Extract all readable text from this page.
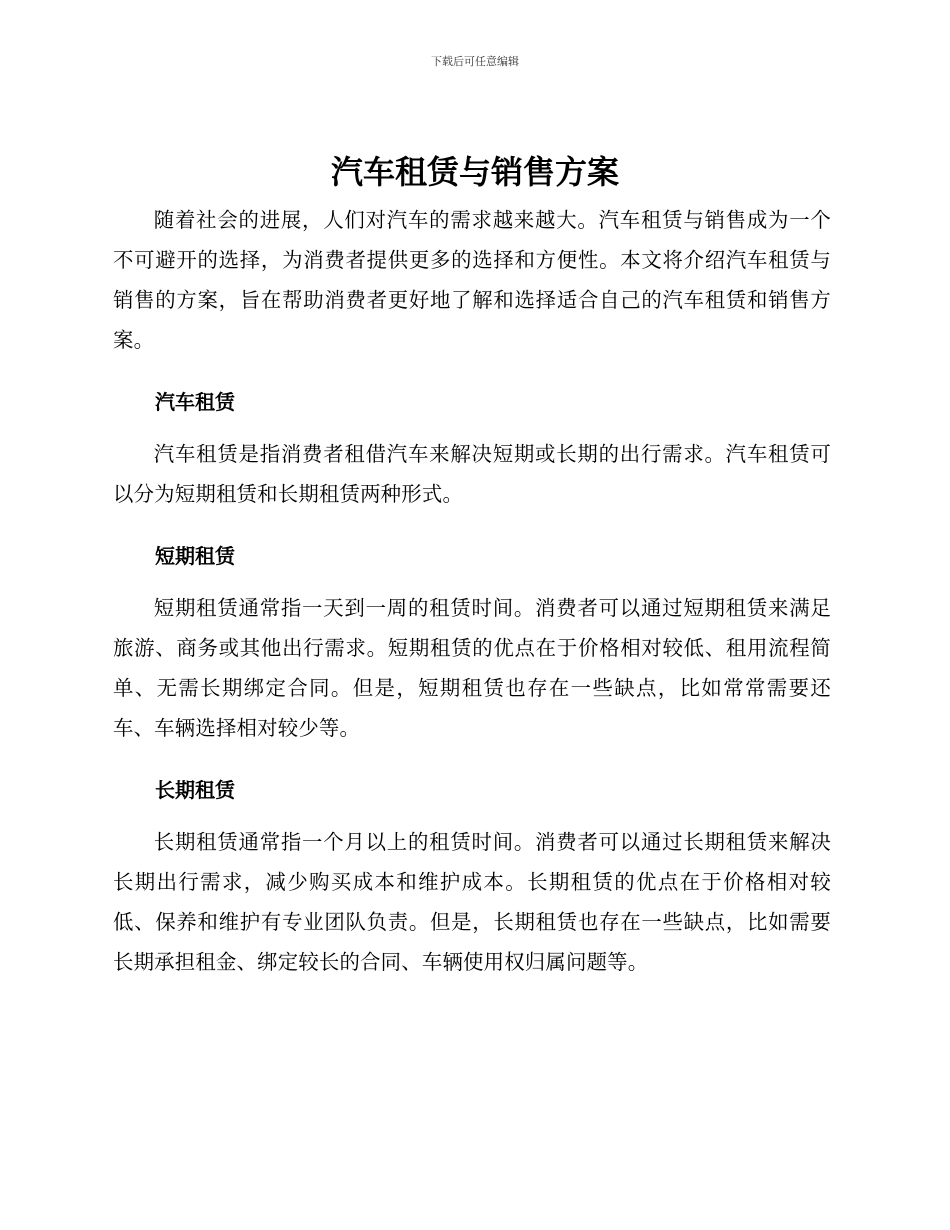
下载后可任意编辑
汽车租赁与销售方案

随着社会的进展，人们对汽车的需求越来越大。汽车租赁与销售成为一个不可避开的选择，为消费者提供更多的选择和方便性。本文将介绍汽车租赁与销售的方案，旨在帮助消费者更好地了解和选择适合自己的汽车租赁和销售方案。

汽车租赁

汽车租赁是指消费者租借汽车来解决短期或长期的出行需求。汽车租赁可以分为短期租赁和长期租赁两种形式。

短期租赁

短期租赁通常指一天到一周的租赁时间。消费者可以通过短期租赁来满足旅游、商务或其他出行需求。短期租赁的优点在于价格相对较低、租用流程简单、无需长期绑定合同。但是，短期租赁也存在一些缺点，比如常常需要还车、车辆选择相对较少等。

长期租赁

长期租赁通常指一个月以上的租赁时间。消费者可以通过长期租赁来解决长期出行需求，减少购买成本和维护成本。长期租赁的优点在于价格相对较低、保养和维护有专业团队负责。但是，长期租赁也存在一些缺点，比如需要长期承担租金、绑定较长的合同、车辆使用权归属问题等。
